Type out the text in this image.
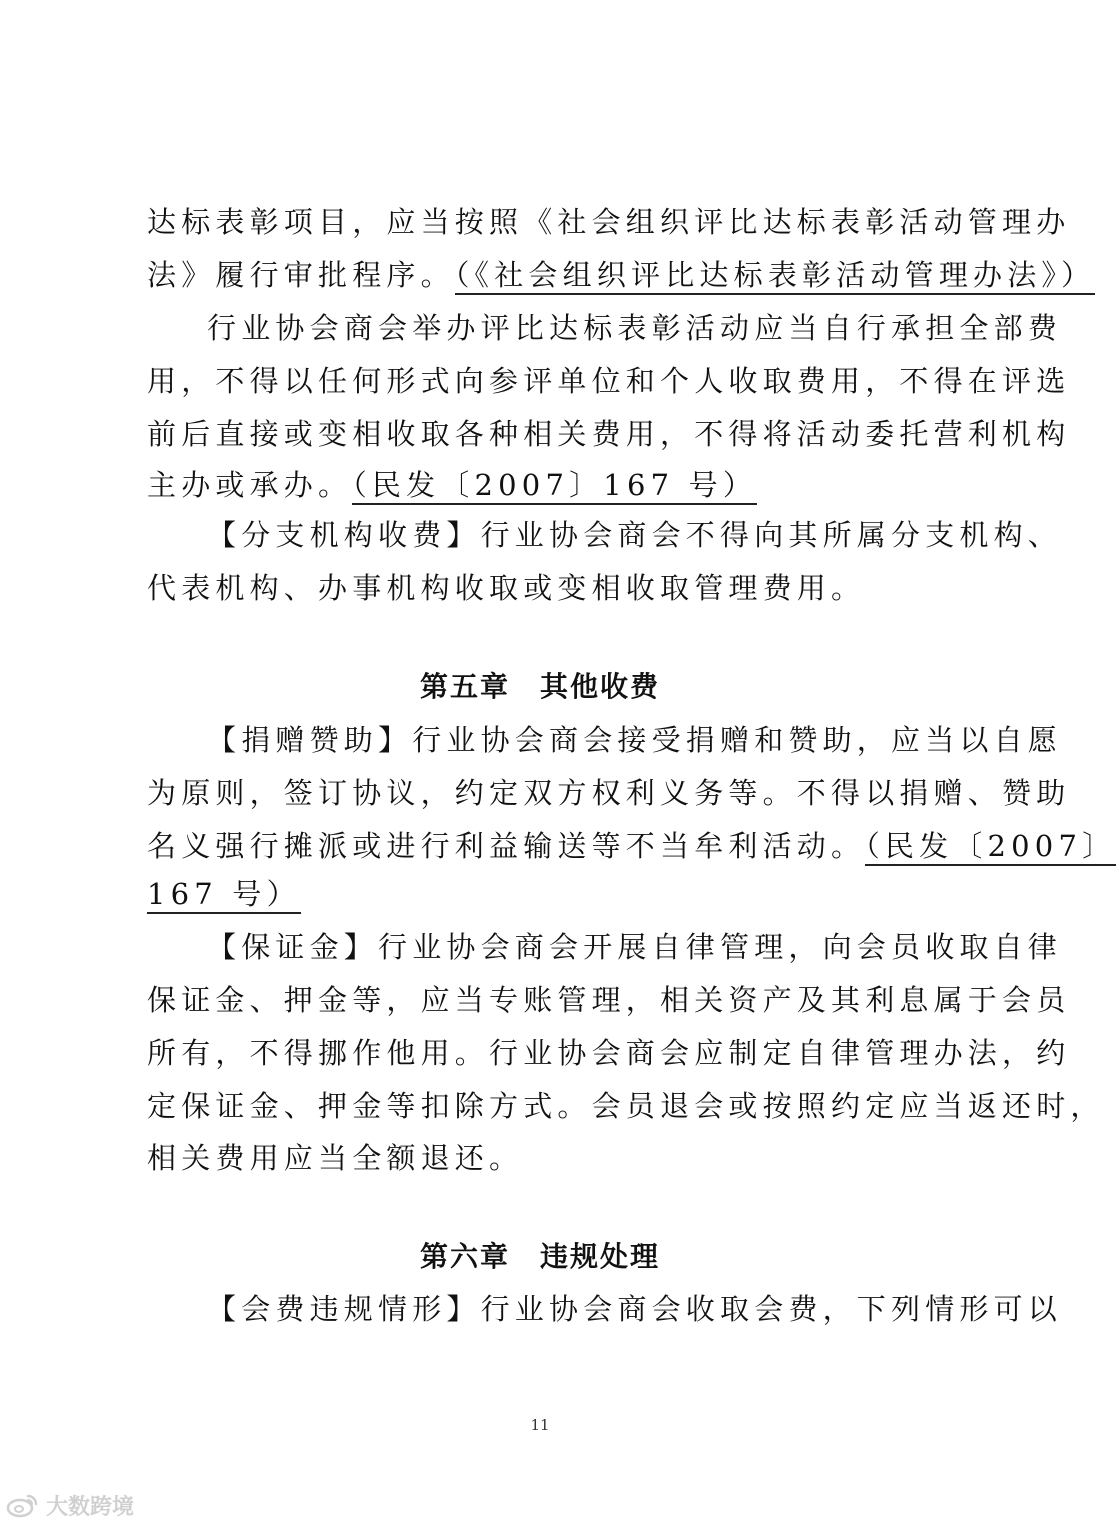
达标表彰项目，应当按照《社会组织评比达标表彰活动管理办
法》履行审批程序。（《社会组织评比达标表彰活动管理办法》）
行业协会商会举办评比达标表彰活动应当自行承担全部费
用，不得以任何形式向参评单位和个人收取费用，不得在评选
前后直接或变相收取各种相关费用，不得将活动委托营利机构
主办或承办。（民发〔2007〕167 号）
【分支机构收费】行业协会商会不得向其所属分支机构、
代表机构、办事机构收取或变相收取管理费用。
第五章 其他收费
【捐赠赞助】行业协会商会接受捐赠和赞助，应当以自愿
为原则，签订协议，约定双方权利义务等。不得以捐赠、赞助
名义强行摊派或进行利益输送等不当牟利活动。（民发〔2007〕
167 号）
【保证金】行业协会商会开展自律管理，向会员收取自律
保证金、押金等，应当专账管理，相关资产及其利息属于会员
所有，不得挪作他用。行业协会商会应制定自律管理办法，约
定保证金、押金等扣除方式。会员退会或按照约定应当返还时，
相关费用应当全额退还。
第六章 违规处理
【会费违规情形】行业协会商会收取会费，下列情形可以
11
大数跨境
